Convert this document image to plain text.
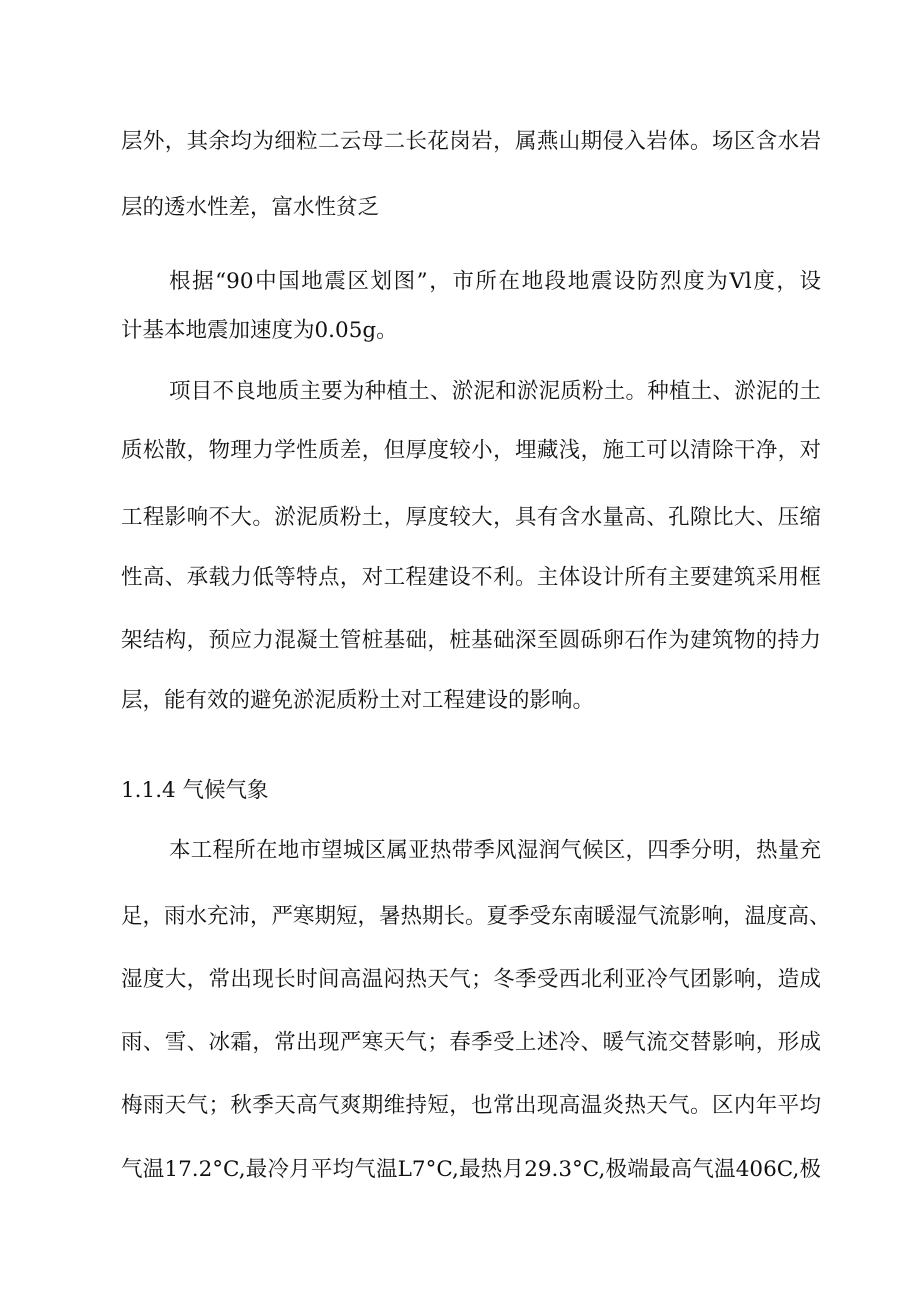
层外，其余均为细粒二云母二长花岗岩，属燕山期侵入岩体。场区含水岩
层的透水性差，富水性贫乏
根据“90中国地震区划图”，市所在地段地震设防烈度为Vl度，设
计基本地震加速度为0.05g。
项目不良地质主要为种植土、淤泥和淤泥质粉土。种植土、淤泥的土
质松散，物理力学性质差，但厚度较小，埋藏浅，施工可以清除干净，对
工程影响不大。淤泥质粉土，厚度较大，具有含水量高、孔隙比大、压缩
性高、承载力低等特点，对工程建设不利。主体设计所有主要建筑采用框
架结构，预应力混凝土管桩基础，桩基础深至圆砾卵石作为建筑物的持力
层，能有效的避免淤泥质粉土对工程建设的影响。
1.1.4 气候气象
本工程所在地市望城区属亚热带季风湿润气候区，四季分明，热量充
足，雨水充沛，严寒期短，暑热期长。夏季受东南暖湿气流影响，温度高、
湿度大，常出现长时间高温闷热天气；冬季受西北利亚冷气团影响，造成
雨、雪、冰霜，常出现严寒天气；春季受上述冷、暖气流交替影响，形成
梅雨天气；秋季天高气爽期维持短，也常出现高温炎热天气。区内年平均
气温17.2°C,最冷月平均气温L7°C,最热月29.3°C,极端最高气温406C,极
